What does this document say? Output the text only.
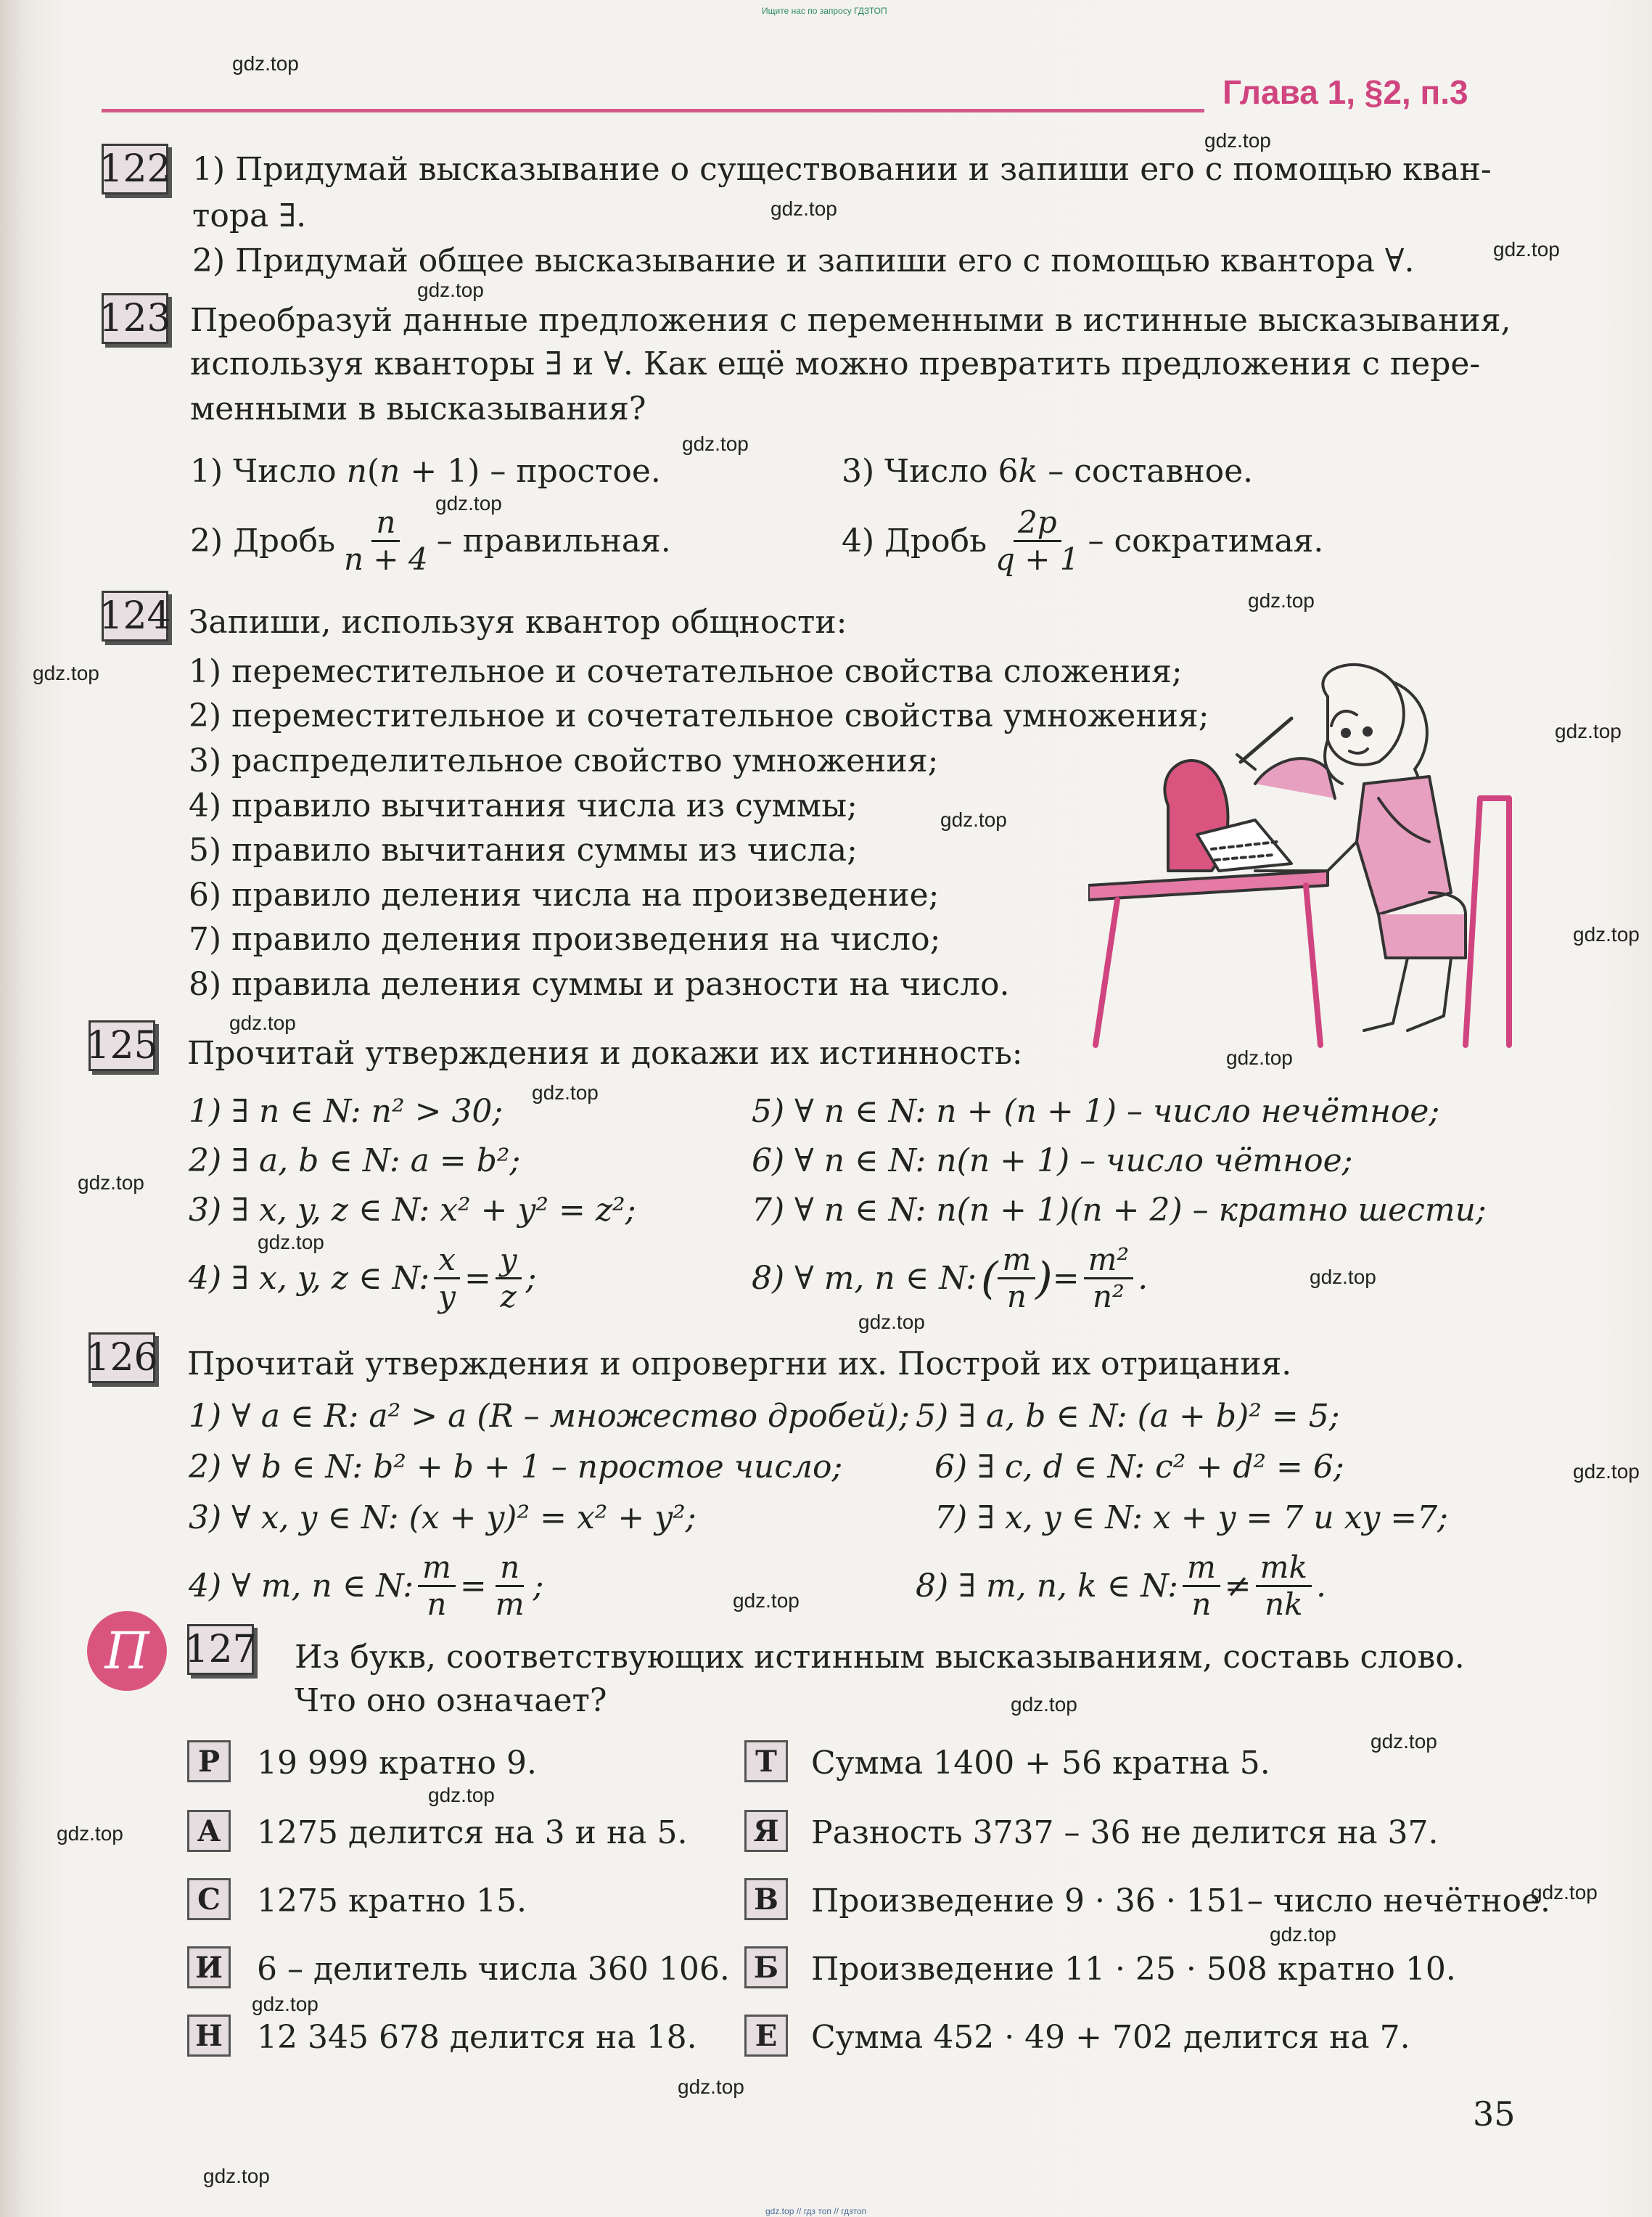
Ищите нас по запросу ГДЗТОП
Глава 1, §2, п.3
gdz.top
gdz.top
gdz.top
gdz.top
gdz.top
gdz.top
gdz.top
gdz.top
gdz.top
gdz.top
gdz.top
gdz.top
gdz.top
gdz.top
gdz.top
gdz.top
gdz.top
gdz.top
gdz.top
gdz.top
gdz.top
gdz.top
gdz.top
gdz.top
gdz.top
gdz.top
gdz.top
gdz.top
gdz.top
gdz.top
122 1) Придумай высказывание о существовании и запиши его с помощью кван-
тора ∃.
2) Придумай общее высказывание и запиши его с помощью квантора ∀.
123 Преобразуй данные предложения с переменными в истинные высказывания,
используя кванторы ∃ и ∀. Как ещё можно превратить предложения с пере-
менными в высказывания?
1) Число n(n + 1) – простое.	3) Число 6k – составное.
2) Дробь $\frac{n}{n + 4}$ – правильная.	4) Дробь $\frac{2p}{q + 1}$ – сократимая.
124 Запиши, используя квантор общности:
1) переместительное и сочетательное свойства сложения;
2) переместительное и сочетательное свойства умножения;
3) распределительное свойство умножения;
4) правило вычитания числа из суммы;
5) правило вычитания суммы из числа;
6) правило деления числа на произведение;
7) правило деления произведения на число;
8) правила деления суммы и разности на число.
125 Прочитай утверждения и докажи их истинность:
1) ∃ n ∈ N: n² > 30;
2) ∃ a, b ∈ N: a = b²;
3) ∃ x, y, z ∈ N: x² + y² = z²;
4) ∃ x, y, z ∈ N: $\frac{x}{y} = \frac{y}{z}$ ;
5) ∀ n ∈ N: n + (n + 1) – число нечётное;
6) ∀ n ∈ N: n(n + 1) – число чётное;
7) ∀ n ∈ N: n(n + 1)(n + 2) – кратно шести;
8) ∀ m, n ∈ N: ( $\frac{m}{n}$ ) = $\frac{\text{m²}}{\text{n²}}$ .
126 Прочитай утверждения и опровергни их. Построй их отрицания.
1) ∀ a ∈ R: a² > a (R – множество дробей);
2) ∀ b ∈ N: b² + b + 1 – простое число;
3) ∀ x, y ∈ N: (x + y)² = x² + y²;
4) ∀ m, n ∈ N: $\frac{m}{n} = \frac{n}{m}$ ;
5) ∃ a, b ∈ N: (a + b)² = 5;
6) ∃ c, d ∈ N: c² + d² = 6;
7) ∃ x, y ∈ N: x + y = 7 и xy =7;
8) ∃ m, n, k ∈ N: $\frac{m}{n} \ne \frac{mk}{nk}$ .
П 127 Из букв, соответствующих истинным высказываниям, составь слово.
Что оно означает?
Р	19 999 кратно 9.
А	1275 делится на 3 и на 5.
С	1275 кратно 15.
И 6 – делитель числа 360 106.
Н 12 345 678 делится на 18.
Т	Сумма 1400 + 56 кратна 5.
Я Разность 3737 – 36 не делится на 37.
В Произведение 9 · 36 · 151– число нечётное.
Б Произведение 11 · 25 · 508 кратно 10.
Е	Сумма 452 · 49 + 702 делится на 7.
35
gdz.top // гдз топ // гдзтоп
